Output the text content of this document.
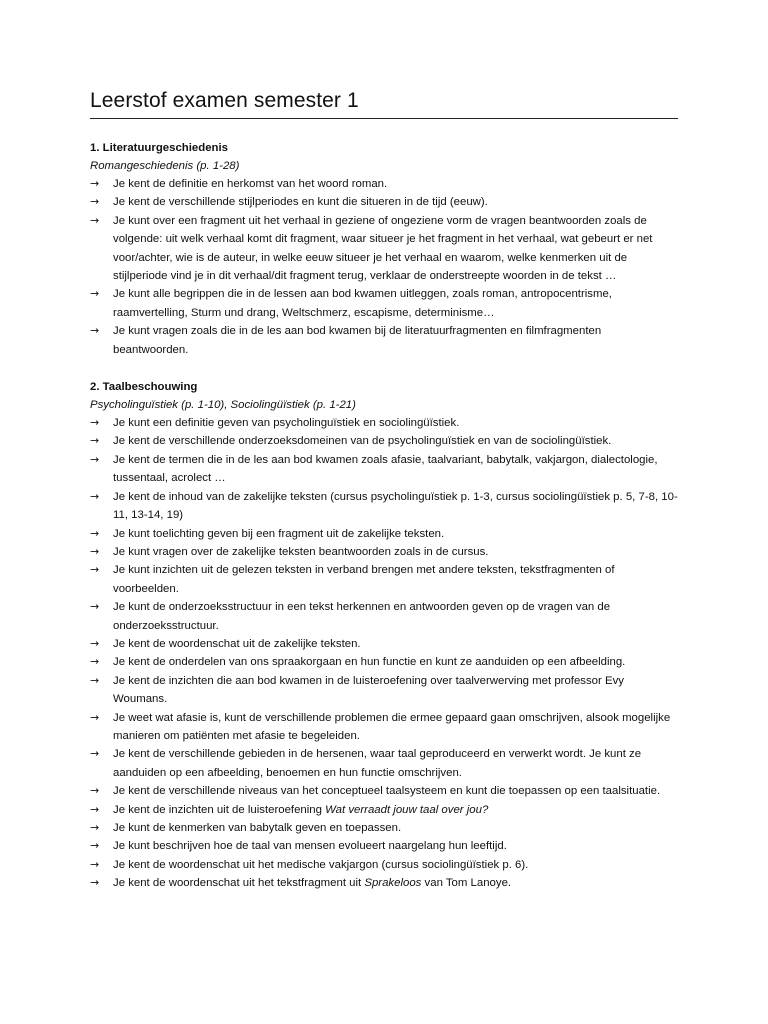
Leerstof examen semester 1

1. Literatuurgeschiedenis

Romangeschiedenis (p. 1-28)

→ Je kent de definitie en herkomst van het woord roman.
→ Je kent de verschillende stijlperiodes en kunt die situeren in de tijd (eeuw).
→ Je kunt over een fragment uit het verhaal in geziene of ongeziene vorm de vragen beantwoorden zoals de volgende: uit welk verhaal komt dit fragment, waar situeer je het fragment in het verhaal, wat gebeurt er net voor/achter, wie is de auteur, in welke eeuw situeer je het verhaal en waarom, welke kenmerken uit de stijlperiode vind je in dit verhaal/dit fragment terug, verklaar de onderstreepte woorden in de tekst …
→ Je kunt alle begrippen die in de lessen aan bod kwamen uitleggen, zoals roman, antropocentrisme, raamvertelling, Sturm und drang, Weltschmerz, escapisme, determinisme…
→ Je kunt vragen zoals die in de les aan bod kwamen bij de literatuurfragmenten en filmfragmenten beantwoorden.

2. Taalbeschouwing

Psycholinguïstiek (p. 1-10), Sociolingüïstiek (p. 1-21)

→ Je kunt een definitie geven van psycholinguïstiek en sociolingüïstiek.
→ Je kent de verschillende onderzoeksdomeinen van de psycholinguïstiek en van de sociolingüïstiek.
→ Je kent de termen die in de les aan bod kwamen zoals afasie, taalvariant, babytalk, vakjargon, dialectologie, tussentaal, acrolect …
→ Je kent de inhoud van de zakelijke teksten (cursus psycholinguïstiek p. 1-3, cursus sociolingüïstiek p. 5, 7-8, 10-11, 13-14, 19)
→ Je kunt toelichting geven bij een fragment uit de zakelijke teksten.
→ Je kunt vragen over de zakelijke teksten beantwoorden zoals in de cursus.
→ Je kunt inzichten uit de gelezen teksten in verband brengen met andere teksten, tekstfragmenten of voorbeelden.
→ Je kunt de onderzoeksstructuur in een tekst herkennen en antwoorden geven op de vragen van de onderzoeksstructuur.
→ Je kent de woordenschat uit de zakelijke teksten.
→ Je kent de onderdelen van ons spraakorgaan en hun functie en kunt ze aanduiden op een afbeelding.
→ Je kent de inzichten die aan bod kwamen in de luisteroefening over taalverwerving met professor Evy Woumans.
→ Je weet wat afasie is, kunt de verschillende problemen die ermee gepaard gaan omschrijven, alsook mogelijke manieren om patiënten met afasie te begeleiden.
→ Je kent de verschillende gebieden in de hersenen, waar taal geproduceerd en verwerkt wordt. Je kunt ze aanduiden op een afbeelding, benoemen en hun functie omschrijven.
→ Je kent de verschillende niveaus van het conceptueel taalsysteem en kunt die toepassen op een taalsituatie.
→ Je kent de inzichten uit de luisteroefening Wat verraadt jouw taal over jou?
→ Je kunt de kenmerken van babytalk geven en toepassen.
→ Je kunt beschrijven hoe de taal van mensen evolueert naargelang hun leeftijd.
→ Je kent de woordenschat uit het medische vakjargon (cursus sociolingüïstiek p. 6).
→ Je kent de woordenschat uit het tekstfragment uit Sprakeloos van Tom Lanoye.
